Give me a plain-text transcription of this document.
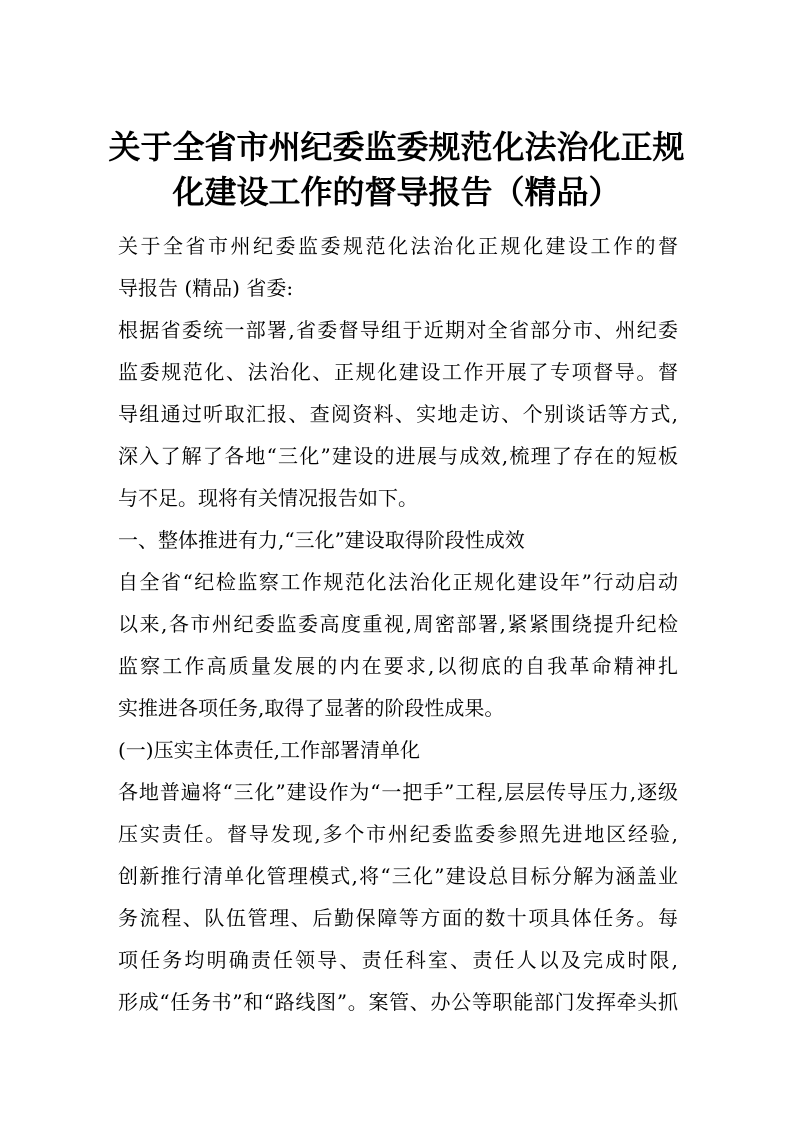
关于全省市州纪委监委规范化法治化正规
化建设工作的督导报告（精品）
关于全省市州纪委监委规范化法治化正规化建设工作的督
导报告 (精品) 省委:
根据省委统一部署,省委督导组于近期对全省部分市、州纪委
监委规范化、法治化、正规化建设工作开展了专项督导。督
导组通过听取汇报、查阅资料、实地走访、个别谈话等方式,
深入了解了各地“三化”建设的进展与成效,梳理了存在的短板
与不足。现将有关情况报告如下。
一、整体推进有力,“三化”建设取得阶段性成效
自全省“纪检监察工作规范化法治化正规化建设年”行动启动
以来,各市州纪委监委高度重视,周密部署,紧紧围绕提升纪检
监察工作高质量发展的内在要求,以彻底的自我革命精神扎
实推进各项任务,取得了显著的阶段性成果。
(一)压实主体责任,工作部署清单化
各地普遍将“三化”建设作为“一把手”工程,层层传导压力,逐级
压实责任。督导发现,多个市州纪委监委参照先进地区经验,
创新推行清单化管理模式,将“三化”建设总目标分解为涵盖业
务流程、队伍管理、后勤保障等方面的数十项具体任务。每
项任务均明确责任领导、责任科室、责任人以及完成时限,
形成“任务书”和“路线图”。案管、办公等职能部门发挥牵头抓
